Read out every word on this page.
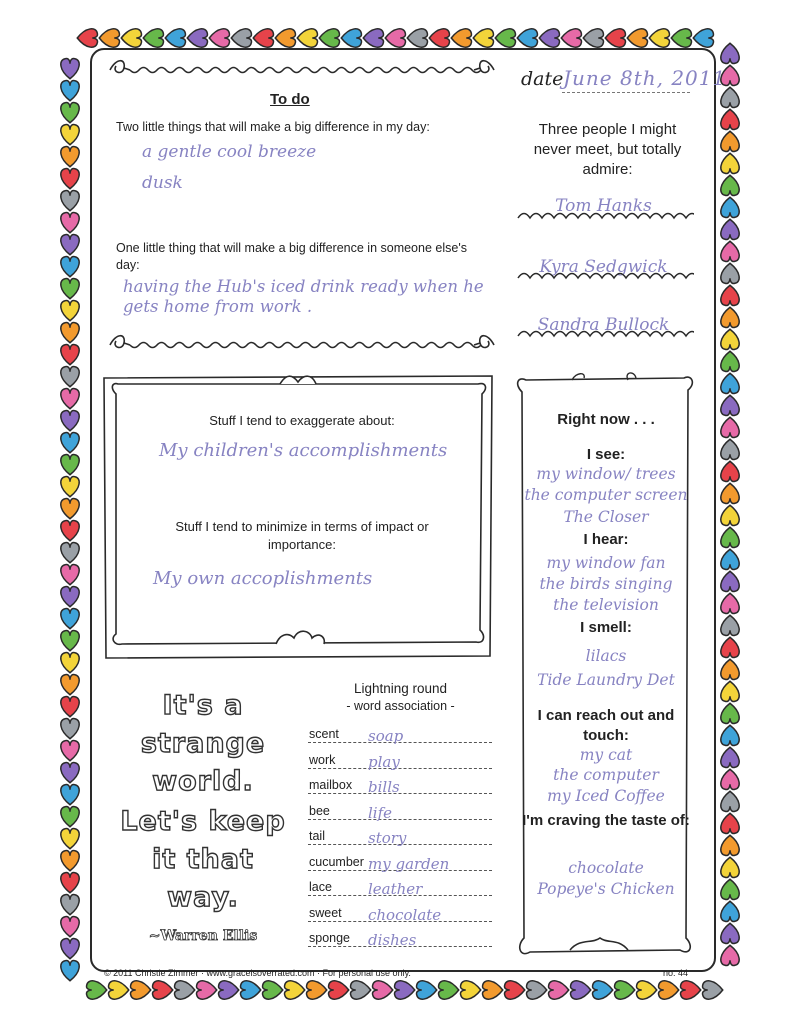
date June 8th, 2011
To do
Two little things that will make a big difference in my day:
a gentle cool breeze
dusk
One little thing that will make a big difference in someone else's day:
having the Hub's iced drink ready when he gets home from work .
Three people I might never meet, but totally admire:
Tom Hanks
Kyra Sedgwick
Sandra Bullock
Stuff I tend to exaggerate about:
My children's accomplishments
Stuff I tend to minimize in terms of impact or importance:
My own accoplishments
Right now . . .
I see:
my window/ trees
the computer screen
The Closer
I hear:
my window fan
the birds singing
the television
I smell:
lilacs
Tide Laundry Det
I can reach out and touch:
my cat
the computer
my Iced Coffee
I'm craving the taste of:
chocolate
Popeye's Chicken
It's a
strange
world.
Let's keep
it that
way.
~Warren Ellis
Lightning round
- word association -
scent soap
work play
mailbox bills
bee	life
tail	story
cucumber my garden
lace leather
sweet chocolate
sponge dishes
© 2011 Christie Zimmer · www.graceisoverrated.com · For personal use only.	no. 44
